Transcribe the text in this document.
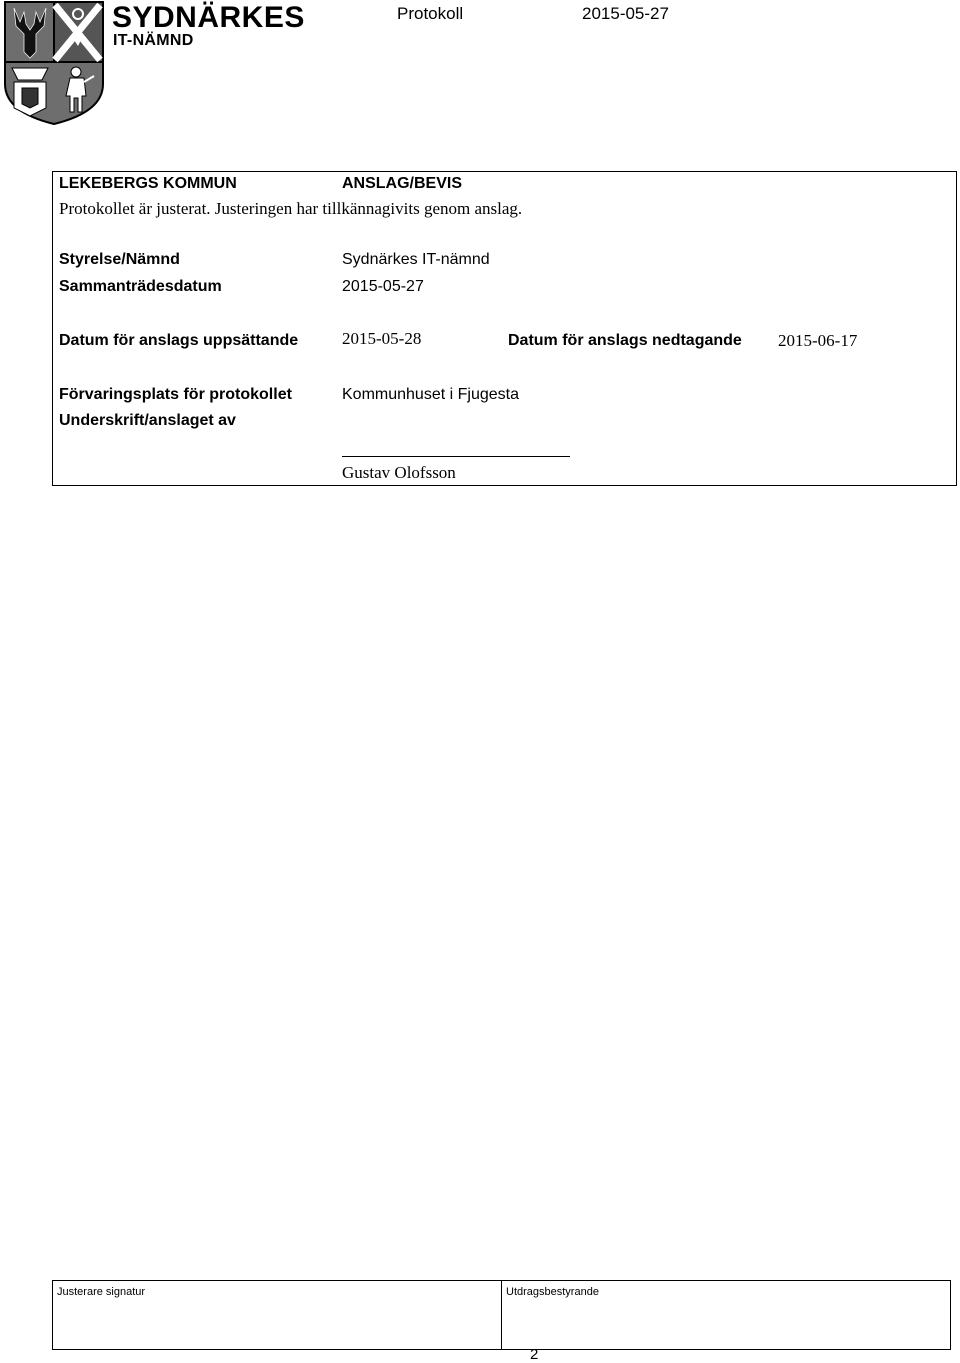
SYDNÄRKES
IT-NÄMND
Protokoll	2015-05-27
LEKEBERGS KOMMUN	ANSLAG/BEVIS
Protokollet är justerat. Justeringen har tillkännagivits genom anslag.
Styrelse/Nämnd	Sydnärkes IT-nämnd
Sammanträdesdatum	2015-05-27
Datum för anslags uppsättande	2015-05-28	Datum för anslags nedtagande 2015-06-17
Förvaringsplats för protokollet	Kommunhuset i Fjugesta
Underskrift/anslaget av
Gustav Olofsson
Justerare signatur	Utdragsbestyrande
2
